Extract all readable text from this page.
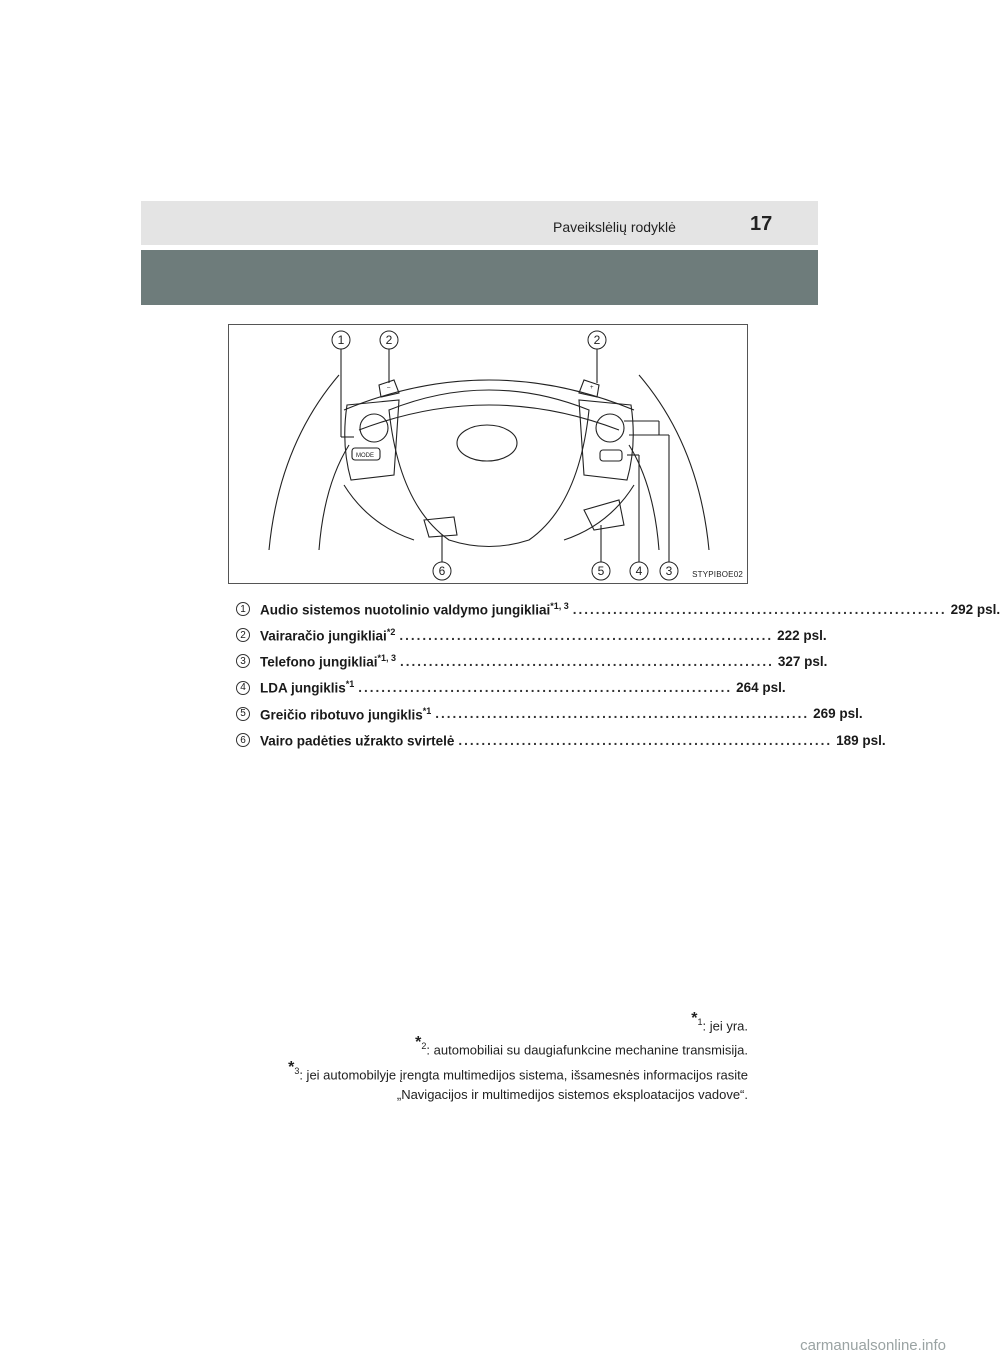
Paveikslėlių rodyklė	17
MODE
–	+
1	2	2
6	5	4 3 STYPIBOE02
1	Audio sistemos nuotolinio valdymo jungikliai$^{*1, 3}$ ................................................................. 292 psl.
2	Vairaračio jungikliai$^{*2}$ ................................................................. 222 psl.
3	Telefono jungikliai$^{*1, 3}$ ................................................................. 327 psl.
4	LDA jungiklis$^{*1}$ ................................................................. 264 psl.
5	Greičio ribotuvo jungiklis$^{*1}$ ................................................................. 269 psl.
6	Vairo padėties užrakto svirtelė ................................................................. 189 psl.
*$^1$: jei yra.
*$^2$: automobiliai su daugiafunkcine mechanine transmisija.
*$^3$: jei automobilyje įrengta multimedijos sistema, išsamesnės informacijos rasite
„Navigacijos ir multimedijos sistemos eksploatacijos vadove“.
carmanualsonline.info
